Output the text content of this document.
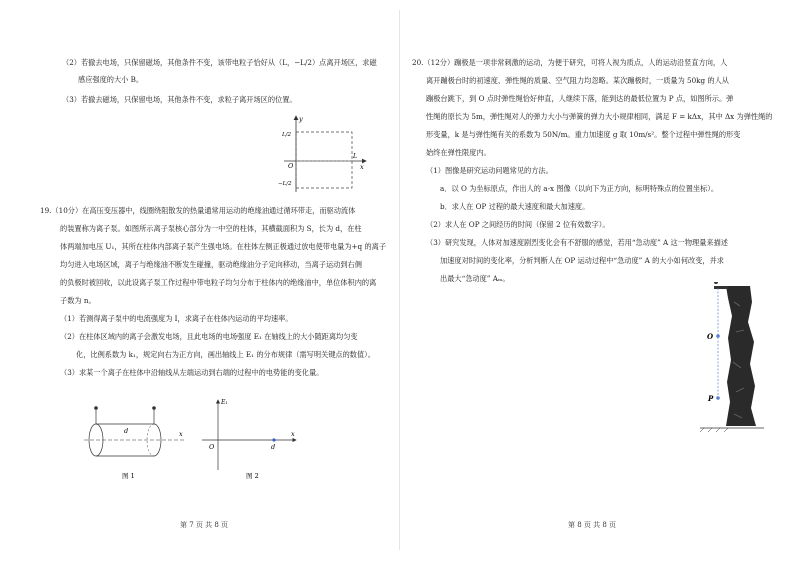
（2）若撤去电场，只保留磁场，其他条件不变，该带电粒子恰好从（L，−L/2）点离开场区，求磁
感应强度的大小 B。
（3）若撤去磁场，只保留电场，其他条件不变，求粒子离开场区的位置。
y
x
O
L/2
−L/2
L
19.（10分）在高压变压器中，线圈绕阻散发的热量通常用运动的绝缘油通过循环带走，而驱动流体
的装置称为离子泵。如图所示离子泵核心部分为一中空的柱体，其横截面积为 S，长为 d，在柱
体两端加电压 U₁，其所在柱体内部离子泵产生强电场。在柱体左侧正极通过放电使带电量为+q 的离子
均匀进入电场区域，离子与绝缘油不断发生碰撞，驱动绝缘油分子定向移动，当离子运动到右侧
的负极时被回收，以此设离子泵工作过程中带电粒子均匀分布于柱体内的绝缘油中，单位体积内的离
子数为 n。
（1）若测得离子泵中的电流强度为 I，求离子在柱体内运动的平均速率。
（2）在柱体区域内的离子会激发电场，且此电场的电场强度 E₁ 在轴线上的大小随距离均匀变
化，比例系数为 k₁，规定向右为正方向，画出轴线上 E₁ 的分布规律（需写明关键点的数值）。
（3）求某一个离子在柱体中沿轴线从左端运动到右端的过程中的电势能的变化量。
d	x
图 1
E₁
x
O	d
图 2
第 7 页 共 8 页
20.（12分）蹦极是一项非常刺激的运动，为便于研究，可将人视为质点，人的运动沿竖直方向，人
离开蹦极台时的初速度、弹性绳的质量、空气阻力均忽略。某次蹦极时，一质量为 50kg 的人从
蹦极台跳下，到 O 点时弹性绳恰好伸直，人继续下落，能到达的最低位置为 P 点，如图所示。弹
性绳的原长为 5m，弹性绳对人的弹力大小与弹簧的弹力大小规律相同，满足 F = kΔx，其中 Δx 为弹性绳的
形变量，k 是与弹性绳有关的系数为 50N/m。重力加速度 g 取 10m/s²。整个过程中弹性绳的形变
始终在弹性限度内。
（1）图像是研究运动问题常见的方法。
a．以 O 为坐标原点，作出人的 a-x 图像（以向下为正方向，标明特殊点的位置坐标）。
b．求人在 OP 过程的最大速度和最大加速度。
（2）求人在 OP 之间经历的时间（保留 2 位有效数字）。
（3）研究发现，人体对加速度剧烈变化会有不舒服的感觉，若用“急动度” A 这一物理量来描述
加速度对时间的变化率，分析判断人在 OP 运动过程中“急动度” A 的大小如何改变，并求
出最大“急动度” Aₘ。
O
P
第 8 页 共 8 页
